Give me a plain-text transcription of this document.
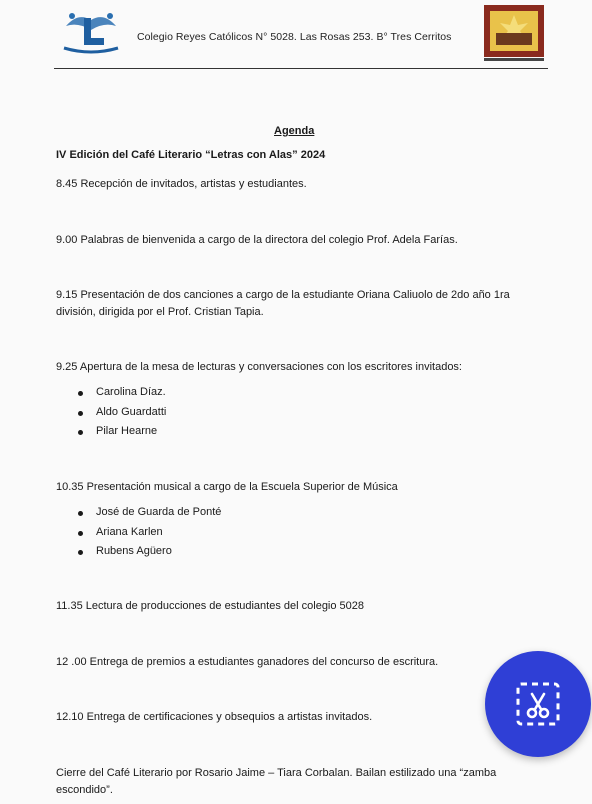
Colegio Reyes Católicos N° 5028. Las Rosas 253. B° Tres Cerritos
Agenda
IV Edición del Café Literario “Letras con Alas” 2024
8.45 Recepción de invitados, artistas y estudiantes.
9.00 Palabras de bienvenida a cargo de la directora del colegio Prof. Adela Farías.
9.15 Presentación de dos canciones a cargo de la estudiante Oriana Caliuolo de 2do año 1ra división, dirigida por el Prof. Cristian Tapia.
9.25 Apertura de la mesa de lecturas y conversaciones con los escritores invitados:
Carolina Díaz.
Aldo Guardatti
Pilar Hearne
10.35 Presentación musical a cargo de la Escuela Superior de Música
José de Guarda de Ponté
Ariana Karlen
Rubens Agüero
11.35 Lectura de producciones de estudiantes del colegio 5028
12 .00 Entrega de premios a estudiantes ganadores del concurso de escritura.
12.10 Entrega de certificaciones y obsequios a artistas invitados.
Cierre del Café Literario por Rosario Jaime – Tiara Corbalan. Bailan estilizado una “zamba escondido”.
